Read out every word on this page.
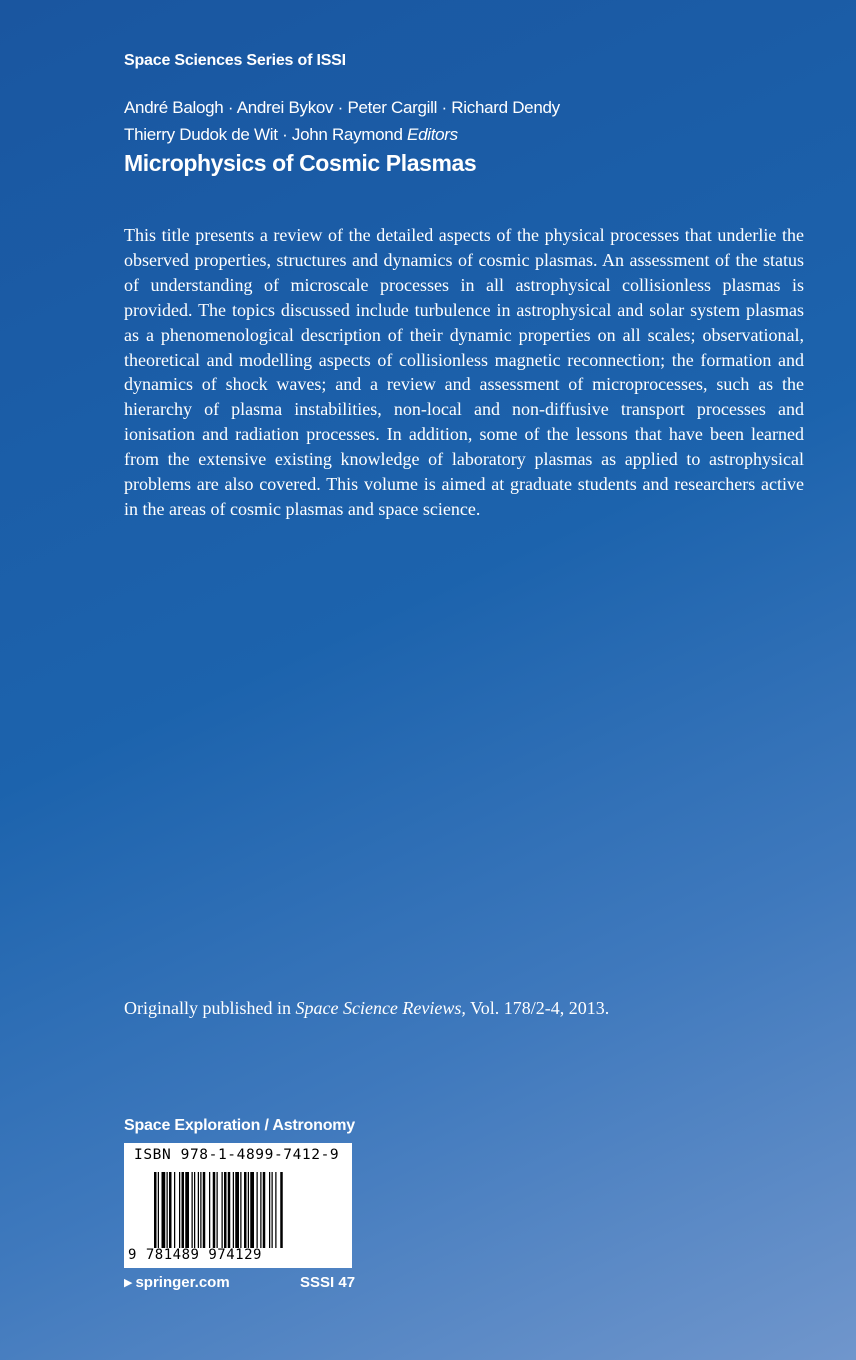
Space Sciences Series of ISSI
André Balogh · Andrei Bykov · Peter Cargill · Richard Dendy
Thierry Dudok de Wit · John Raymond Editors
Microphysics of Cosmic Plasmas

This title presents a review of the detailed aspects of the physical processes that underlie the observed properties, structures and dynamics of cosmic plasmas. An assessment of the status of understanding of microscale processes in all astrophysical collisionless plasmas is provided. The topics discussed include turbulence in astrophysical and solar system plasmas as a phenomenological description of their dynamic properties on all scales; observational, theoretical and modelling aspects of collisionless magnetic reconnection; the formation and dynamics of shock waves; and a review and assessment of microprocesses, such as the hierarchy of plasma instabilities, non-local and non-diffusive transport processes and ionisation and radiation processes. In addition, some of the lessons that have been learned from the extensive existing knowledge of laboratory plasmas as applied to astrophysical problems are also covered. This volume is aimed at graduate students and researchers active in the areas of cosmic plasmas and space science.

Originally published in Space Science Reviews, Vol. 178/2-4, 2013.
Space Exploration / Astronomy
ISBN 978-1-4899-7412-9
9 781489 974129
▶ springer.com	SSSI 47
